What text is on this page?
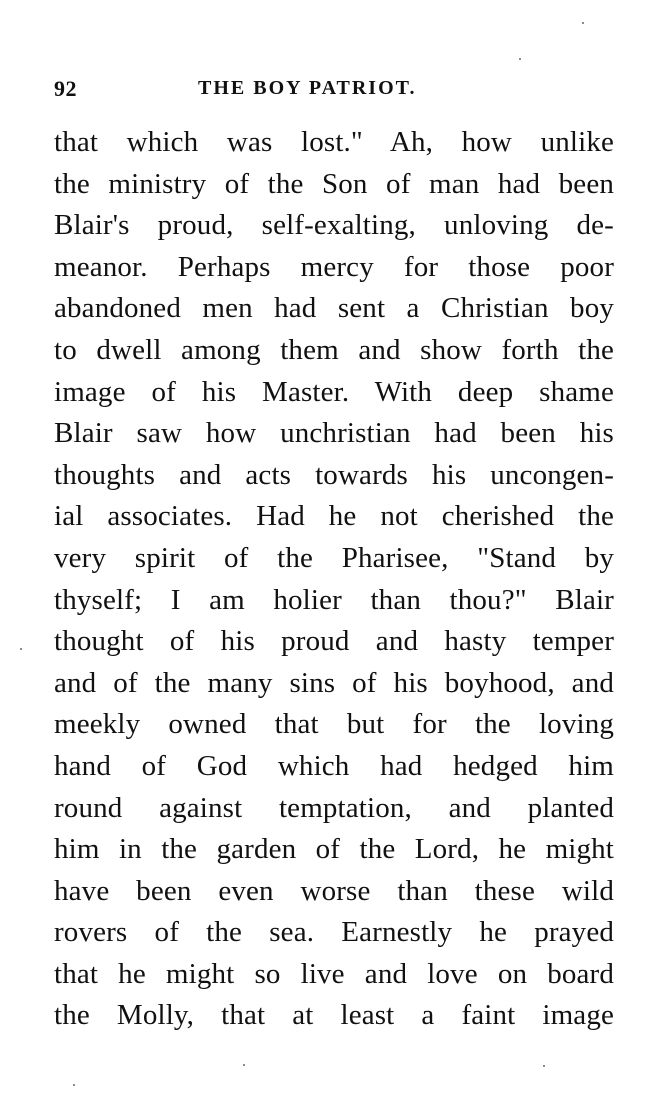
92	THE BOY PATRIOT.
that which was lost." Ah, how unlike
the ministry of the Son of man had been
Blair's proud, self-exalting, unloving de-
meanor. Perhaps mercy for those poor
abandoned men had sent a Christian boy
to dwell among them and show forth the
image of his Master. With deep shame
Blair saw how unchristian had been his
thoughts and acts towards his uncongen-
ial associates. Had he not cherished the
very spirit of the Pharisee, "Stand by
thyself; I am holier than thou?" Blair
thought of his proud and hasty temper
and of the many sins of his boyhood, and
meekly owned that but for the loving
hand of God which had hedged him
round against temptation, and planted
him in the garden of the Lord, he might
have been even worse than these wild
rovers of the sea. Earnestly he prayed
that he might so live and love on board
the Molly, that at least a faint image
